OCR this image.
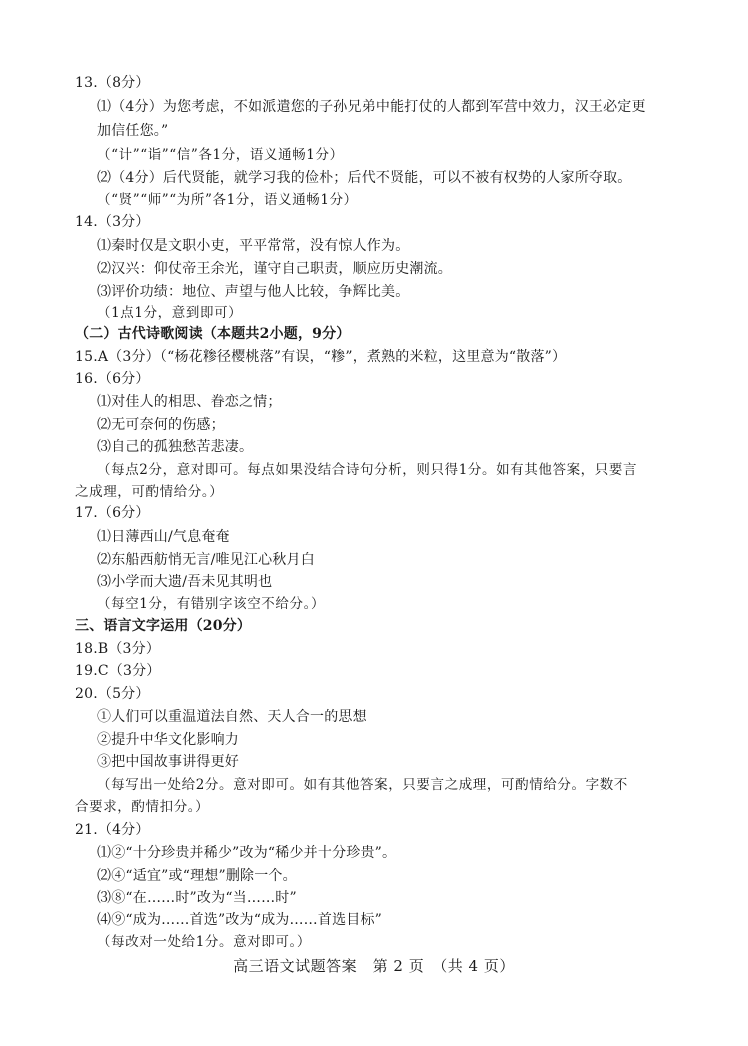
13.（8分）
⑴（4分）为您考虑，不如派遣您的子孙兄弟中能打仗的人都到军营中效力，汉王必定更
加信任您。”
（“计”“诣”“信”各1分，语义通畅1分）
⑵（4分）后代贤能，就学习我的俭朴；后代不贤能，可以不被有权势的人家所夺取。
（“贤”“师”“为所”各1分，语义通畅1分）
14.（3分）
⑴秦时仅是文职小吏，平平常常，没有惊人作为。
⑵汉兴：仰仗帝王余光，谨守自己职责，顺应历史潮流。
⑶评价功绩：地位、声望与他人比较，争辉比美。
（1点1分，意到即可）
（二）古代诗歌阅读（本题共2小题，9分）
15.A（3分）（“杨花糁径樱桃落”有误，“糁”，煮熟的米粒，这里意为“散落”）
16.（6分）
⑴对佳人的相思、眷恋之情；
⑵无可奈何的伤感；
⑶自己的孤独愁苦悲凄。
（每点2分，意对即可。每点如果没结合诗句分析，则只得1分。如有其他答案，只要言
之成理，可酌情给分。）
17.（6分）
⑴日薄西山/气息奄奄
⑵东船西舫悄无言/唯见江心秋月白
⑶小学而大遗/吾未见其明也
（每空1分，有错别字该空不给分。）
三、语言文字运用（20分）
18.B（3分）
19.C（3分）
20.（5分）
①人们可以重温道法自然、天人合一的思想
②提升中华文化影响力
③把中国故事讲得更好
（每写出一处给2分。意对即可。如有其他答案，只要言之成理，可酌情给分。字数不
合要求，酌情扣分。）
21.（4分）
⑴②“十分珍贵并稀少”改为“稀少并十分珍贵”。
⑵④“适宜”或“理想”删除一个。
⑶⑧“在……时”改为“当……时”
⑷⑨“成为……首选”改为“成为……首选目标”
（每改对一处给1分。意对即可。）
高三语文试题答案　第 2 页　（共 4 页）
